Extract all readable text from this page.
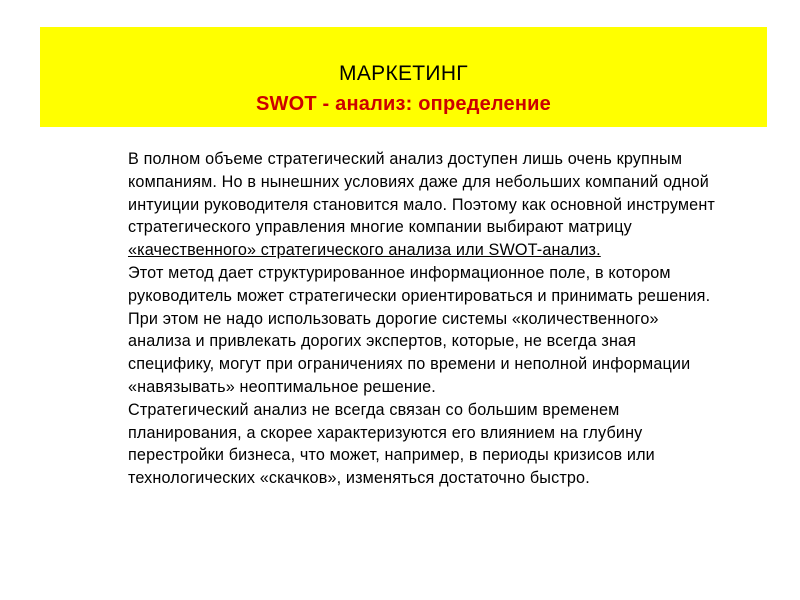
МАРКЕТИНГ
SWOT - анализ: определение

В полном объеме стратегический анализ доступен лишь очень крупным компаниям. Но в нынешних условиях даже для небольших компаний одной интуиции руководителя становится мало. Поэтому как основной инструмент стратегического управления многие компании выбирают матрицу «качественного» стратегического анализа или SWOT-анализ.

Этот метод дает структурированное информационное поле, в котором руководитель может стратегически ориентироваться и принимать решения. При этом не надо использовать дорогие системы «количественного» анализа и привлекать дорогих экспертов, которые, не всегда зная специфику, могут при ограничениях по времени и неполной информации «навязывать» неоптимальное решение.

Стратегический анализ не всегда связан со большим временем планирования, а скорее характеризуются его влиянием на глубину перестройки бизнеса, что может, например, в периоды кризисов или технологических «скачков», изменяться достаточно быстро.
